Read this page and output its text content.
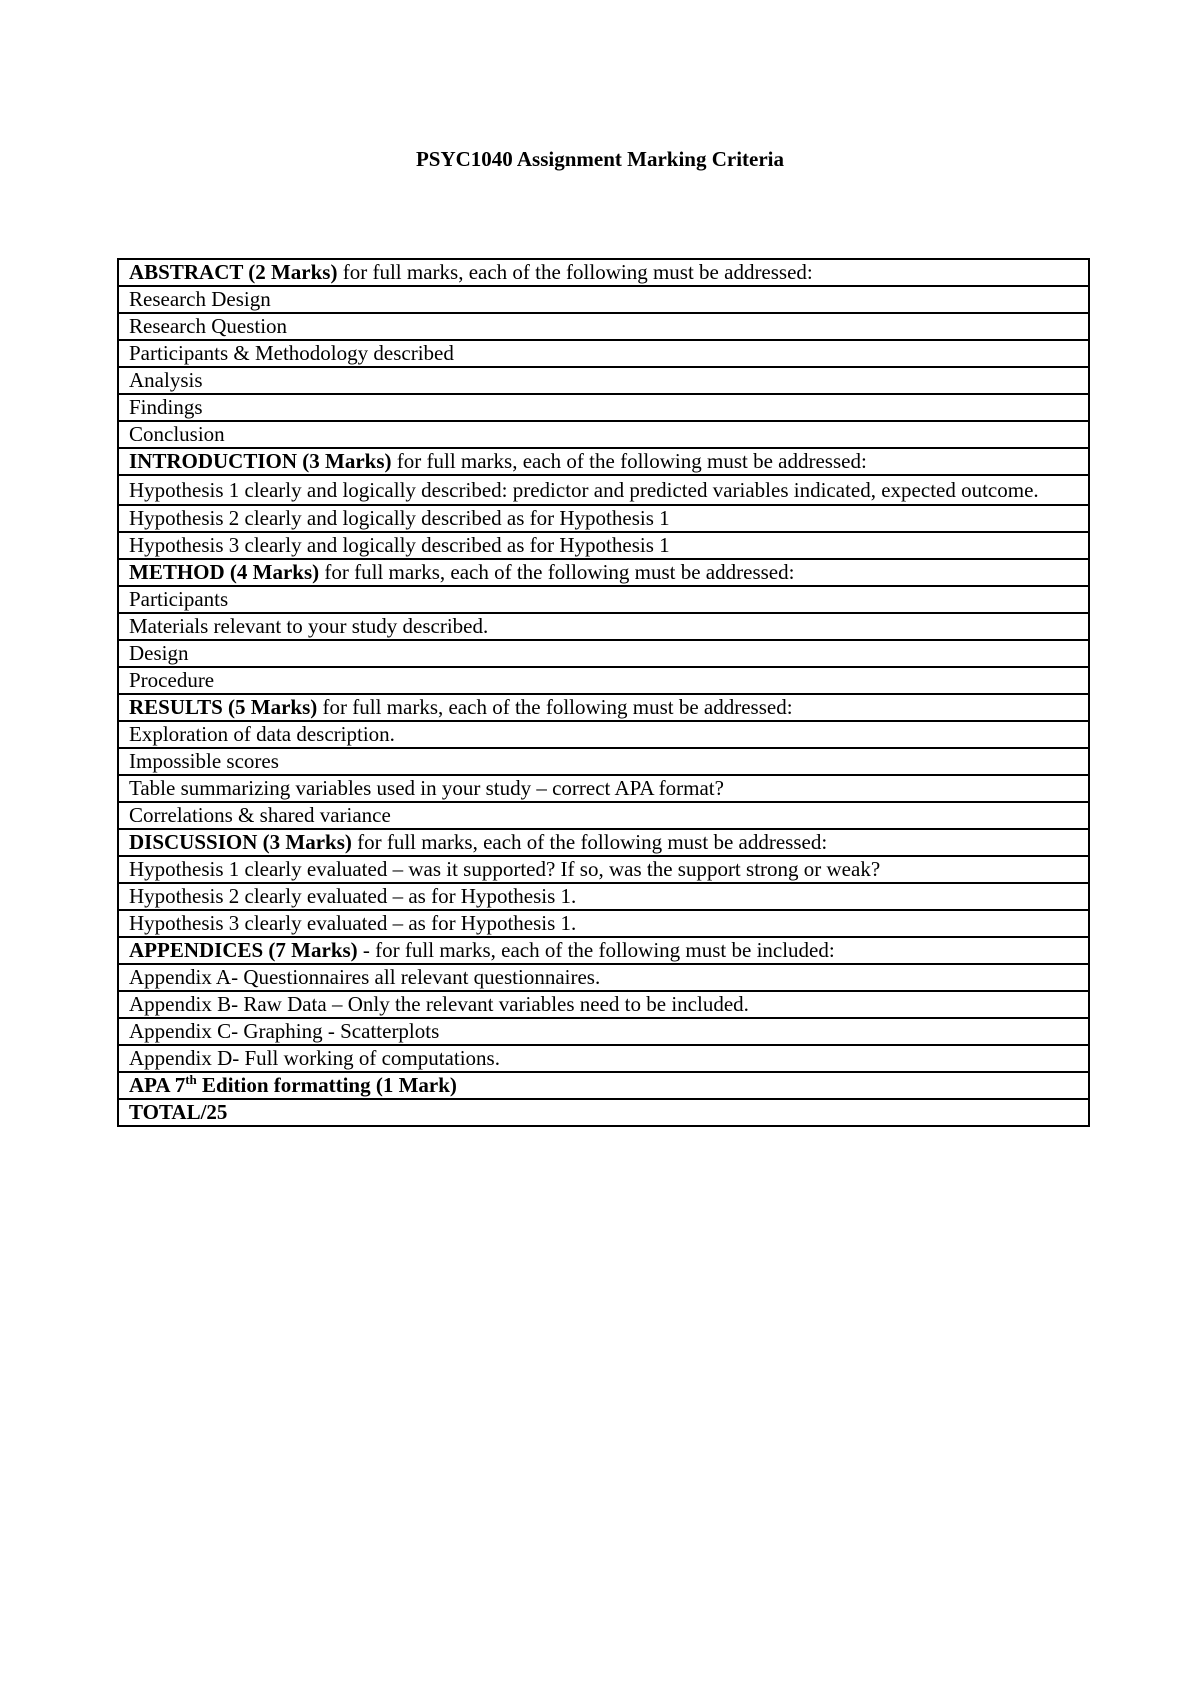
PSYC1040 Assignment Marking Criteria
ABSTRACT (2 Marks) for full marks, each of the following must be addressed:
Research Design
Research Question
Participants & Methodology described
Analysis
Findings
Conclusion
INTRODUCTION (3 Marks) for full marks, each of the following must be addressed:
Hypothesis 1 clearly and logically described: predictor and predicted variables indicated, expected outcome.
Hypothesis 2 clearly and logically described as for Hypothesis 1
Hypothesis 3 clearly and logically described as for Hypothesis 1
METHOD (4 Marks) for full marks, each of the following must be addressed:
Participants
Materials relevant to your study described.
Design
Procedure
RESULTS (5 Marks) for full marks, each of the following must be addressed:
Exploration of data description.
Impossible scores
Table summarizing variables used in your study – correct APA format?
Correlations & shared variance
DISCUSSION (3 Marks) for full marks, each of the following must be addressed:
Hypothesis 1 clearly evaluated – was it supported? If so, was the support strong or weak?
Hypothesis 2 clearly evaluated – as for Hypothesis 1.
Hypothesis 3 clearly evaluated – as for Hypothesis 1.
APPENDICES (7 Marks) - for full marks, each of the following must be included:
Appendix A- Questionnaires all relevant questionnaires.
Appendix B- Raw Data – Only the relevant variables need to be included.
Appendix C- Graphing - Scatterplots
Appendix D- Full working of computations.
APA 7th Edition formatting (1 Mark)
TOTAL/25
